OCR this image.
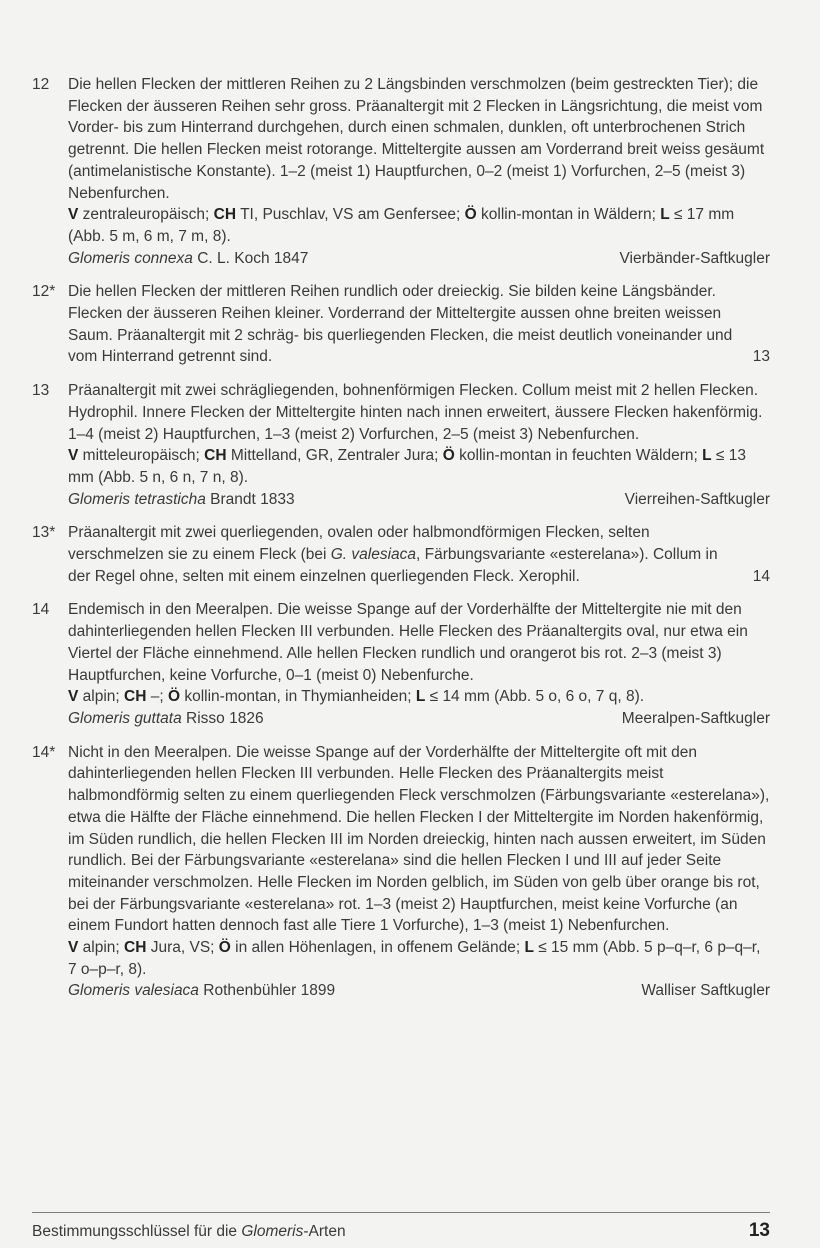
12	Die hellen Flecken der mittleren Reihen zu 2 Längsbinden verschmolzen (beim gestreckten Tier); die Flecken der äusseren Reihen sehr gross. Präanaltergit mit 2 Flecken in Längsrichtung, die meist vom Vorder- bis zum Hinterrand durchgehen, durch einen schmalen, dunklen, oft unterbrochenen Strich getrennt. Die hellen Flecken meist rotorange. Mitteltergite aussen am Vorderrand breit weiss gesäumt (antimelanistische Konstante). 1–2 (meist 1) Hauptfurchen, 0–2 (meist 1) Vorfurchen, 2–5 (meist 3) Nebenfurchen.

V zentraleuropäisch; CH TI, Puschlav, VS am Genfersee; Ö kollin-montan in Wäldern; L ≤ 17 mm (Abb. 5 m, 6 m, 7 m, 8).

Glomeris connexa C. L. Koch 1847	Vierbänder-Saftkugler
12* Die hellen Flecken der mittleren Reihen rundlich oder dreieckig. Sie bilden keine Längsbänder. Flecken der äusseren Reihen kleiner. Vorderrand der Mitteltergite aussen ohne breiten weissen Saum. Präanaltergit mit 2 schräg- bis querliegenden Flecken, die meist deutlich voneinander und vom Hinterrand getrennt sind.	13
13	Präanaltergit mit zwei schrägliegenden, bohnenförmigen Flecken. Collum meist mit 2 hellen Flecken. Hydrophil. Innere Flecken der Mitteltergite hinten nach innen erweitert, äussere Flecken hakenförmig. 1–4 (meist 2) Hauptfurchen, 1–3 (meist 2) Vorfurchen, 2–5 (meist 3) Nebenfurchen.

V mitteleuropäisch; CH Mittelland, GR, Zentraler Jura; Ö kollin-montan in feuchten Wäldern; L ≤ 13 mm (Abb. 5 n, 6 n, 7 n, 8).

Glomeris tetrasticha Brandt 1833	Vierreihen-Saftkugler
13* Präanaltergit mit zwei querliegenden, ovalen oder halbmondförmigen Flecken, selten verschmelzen sie zu einem Fleck (bei G. valesiaca, Färbungsvariante «esterelana»). Collum in der Regel ohne, selten mit einem einzelnen querliegenden Fleck. Xerophil.	14
14	Endemisch in den Meeralpen. Die weisse Spange auf der Vorderhälfte der Mitteltergite nie mit den dahinterliegenden hellen Flecken III verbunden. Helle Flecken des Präanaltergits oval, nur etwa ein Viertel der Fläche einnehmend. Alle hellen Flecken rundlich und orangerot bis rot. 2–3 (meist 3) Hauptfurchen, keine Vorfurche, 0–1 (meist 0) Nebenfurche.

V alpin; CH –; Ö kollin-montan, in Thymianheiden; L ≤ 14 mm (Abb. 5 o, 6 o, 7 q, 8).

Glomeris guttata Risso 1826	Meeralpen-Saftkugler
14* Nicht in den Meeralpen. Die weisse Spange auf der Vorderhälfte der Mitteltergite oft mit den dahinterliegenden hellen Flecken III verbunden. Helle Flecken des Präanaltergits meist halbmondförmig selten zu einem querliegenden Fleck verschmolzen (Färbungsvariante «esterelana»), etwa die Hälfte der Fläche einnehmend. Die hellen Flecken I der Mitteltergite im Norden hakenförmig, im Süden rundlich, die hellen Flecken III im Norden dreieckig, hinten nach aussen erweitert, im Süden rundlich. Bei der Färbungsvariante «esterelana» sind die hellen Flecken I und III auf jeder Seite miteinander verschmolzen. Helle Flecken im Norden gelblich, im Süden von gelb über orange bis rot, bei der Färbungsvariante «esterelana» rot. 1–3 (meist 2) Hauptfurchen, meist keine Vorfurche (an einem Fundort hatten dennoch fast alle Tiere 1 Vorfurche), 1–3 (meist 1) Nebenfurchen.

V alpin; CH Jura, VS; Ö in allen Höhenlagen, in offenem Gelände; L ≤ 15 mm (Abb. 5 p–q–r, 6 p–q–r, 7 o–p–r, 8).

Glomeris valesiaca Rothenbühler 1899	Walliser Saftkugler
Bestimmungsschlüssel für die Glomeris-Arten	13
